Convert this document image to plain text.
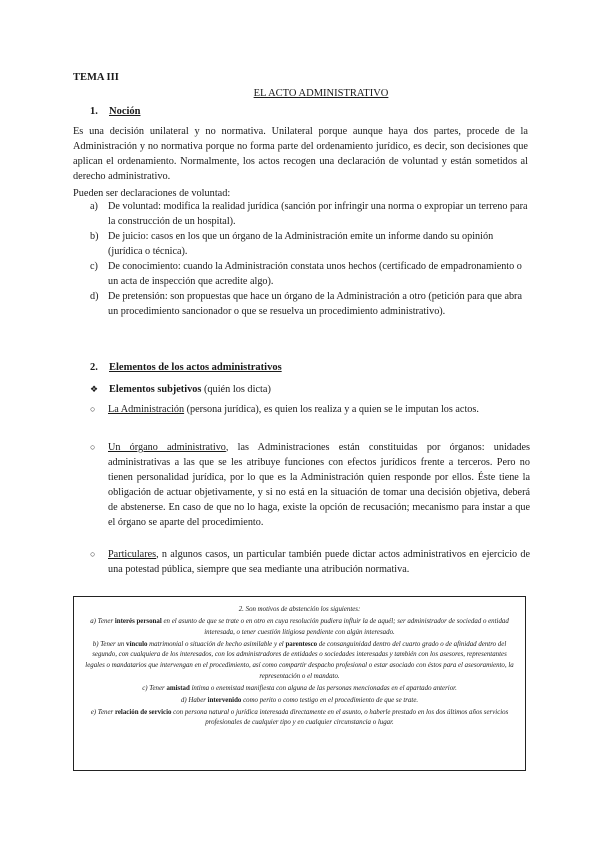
TEMA III
EL ACTO ADMINISTRATIVO
1. Noción
Es una decisión unilateral y no normativa. Unilateral porque aunque haya dos partes, procede de la Administración y no normativa porque no forma parte del ordenamiento jurídico, es decir, son decisiones que aplican el ordenamiento. Normalmente, los actos recogen una declaración de voluntad y están sometidos al derecho administrativo.
Pueden ser declaraciones de voluntad:
a) De voluntad: modifica la realidad jurídica (sanción por infringir una norma o expropiar un terreno para la construcción de un hospital).
b) De juicio: casos en los que un órgano de la Administración emite un informe dando su opinión (jurídica o técnica).
c) De conocimiento: cuando la Administración constata unos hechos (certificado de empadronamiento o un acta de inspección que acredite algo).
d) De pretensión: son propuestas que hace un órgano de la Administración a otro (petición para que abra un procedimiento sancionador o que se resuelva un procedimiento administrativo).
2. Elementos de los actos administrativos
❖ Elementos subjetivos (quién los dicta)
○ La Administración (persona jurídica), es quien los realiza y a quien se le imputan los actos.
○ Un órgano administrativo, las Administraciones están constituidas por órganos: unidades administrativas a las que se les atribuye funciones con efectos jurídicos frente a terceros. Pero no tienen personalidad jurídica, por lo que es la Administración quien responde por ellos. Éste tiene la obligación de actuar objetivamente, y si no está en la situación de tomar una decisión objetiva, deberá de abstenerse. En caso de que no lo haga, existe la opción de recusación; mecanismo para instar a que el órgano se aparte del procedimiento.
○ Particulares, n algunos casos, un particular también puede dictar actos administrativos en ejercicio de una potestad pública, siempre que sea mediante una atribución normativa.

2. Son motivos de abstención los siguientes:

a) Tener interés personal en el asunto de que se trate o en otro en cuya resolución pudiera influir la de aquél; ser administrador de sociedad o entidad interesada, o tener cuestión litigiosa pendiente con algún interesado.

b) Tener un vínculo matrimonial o situación de hecho asimilable y el parentesco de consanguinidad dentro del cuarto grado o de afinidad dentro del segundo, con cualquiera de los interesados, con los administradores de entidades o sociedades interesadas y también con los asesores, representantes legales o mandatarios que intervengan en el procedimiento, así como compartir despacho profesional o estar asociado con éstos para el asesoramiento, la representación o el mandato.

c) Tener amistad íntima o enemistad manifiesta con alguna de las personas mencionadas en el apartado anterior.

d) Haber intervenido como perito o como testigo en el procedimiento de que se trate.

e) Tener relación de servicio con persona natural o jurídica interesada directamente en el asunto, o haberle prestado en los dos últimos años servicios profesionales de cualquier tipo y en cualquier circunstancia o lugar.
